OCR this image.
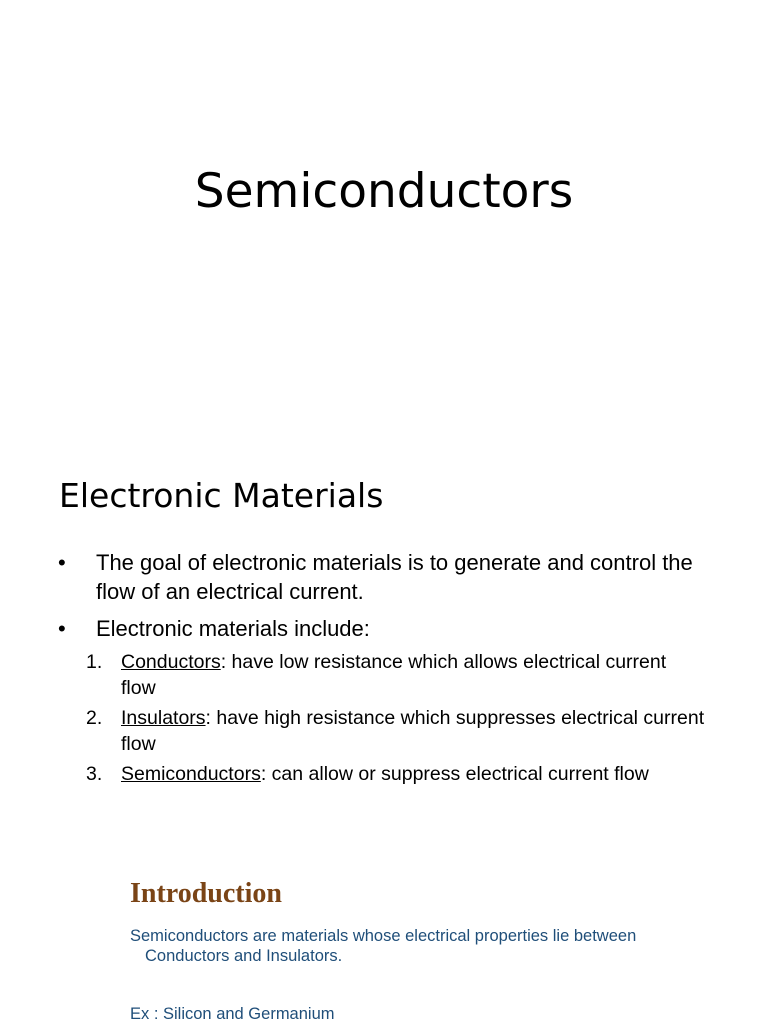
Semiconductors
Electronic Materials
• The goal of electronic materials is to generate and control the flow of an electrical current.
• Electronic materials include:
1. Conductors: have low resistance which allows electrical current flow
2. Insulators: have high resistance which suppresses electrical current flow
3. Semiconductors: can allow or suppress electrical current flow
Introduction

Semiconductors are materials whose electrical properties lie between Conductors and Insulators.

Ex : Silicon and Germanium
